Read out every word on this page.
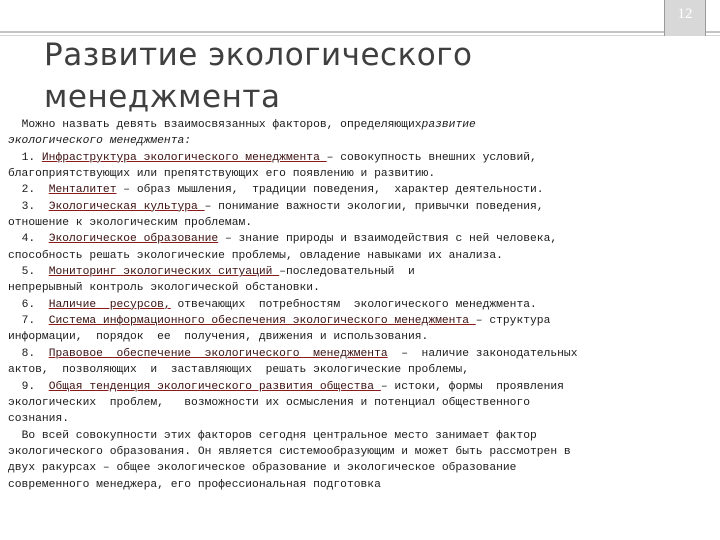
12
Развитие экологического
менеджмента

Можно назвать девять взаимосвязанных факторов, определяющихразвитие

экологического менеджмента:

1. Инфраструктура экологического менеджмента – совокупность внешних условий,

благоприятствующих или препятствующих его появлению и развитию.

2.  Менталитет – образ мышления,  традиции поведения,  характер деятельности.

3.  Экологическая культура – понимание важности экологии, привычки поведения,

отношение к экологическим проблемам.

4.  Экологическое образование – знание природы и взаимодействия с ней человека,

способность решать экологические проблемы, овладение навыками их анализа.

5.  Мониторинг экологических ситуаций –последовательный  и

непрерывный контроль экологической обстановки.

6.  Наличие  ресурсов, отвечающих  потребностям  экологического менеджмента.

7.  Система информационного обеспечения экологического менеджмента – структура

информации,  порядок  ее  получения, движения и использования.

8.  Правовое  обеспечение  экологического  менеджмента  –  наличие законодательных

актов,  позволяющих  и  заставляющих  решать экологические проблемы,

9.  Общая тенденция экологического развития общества – истоки, формы  проявления

экологических  проблем,   возможности их осмысления и потенциал общественного

сознания.

Во всей совокупности этих факторов сегодня центральное место занимает фактор

экологического образования. Он является системообразующим и может быть рассмотрен в

двух ракурсах – общее экологическое образование и экологическое образование

современного менеджера, его профессиональная подготовка
